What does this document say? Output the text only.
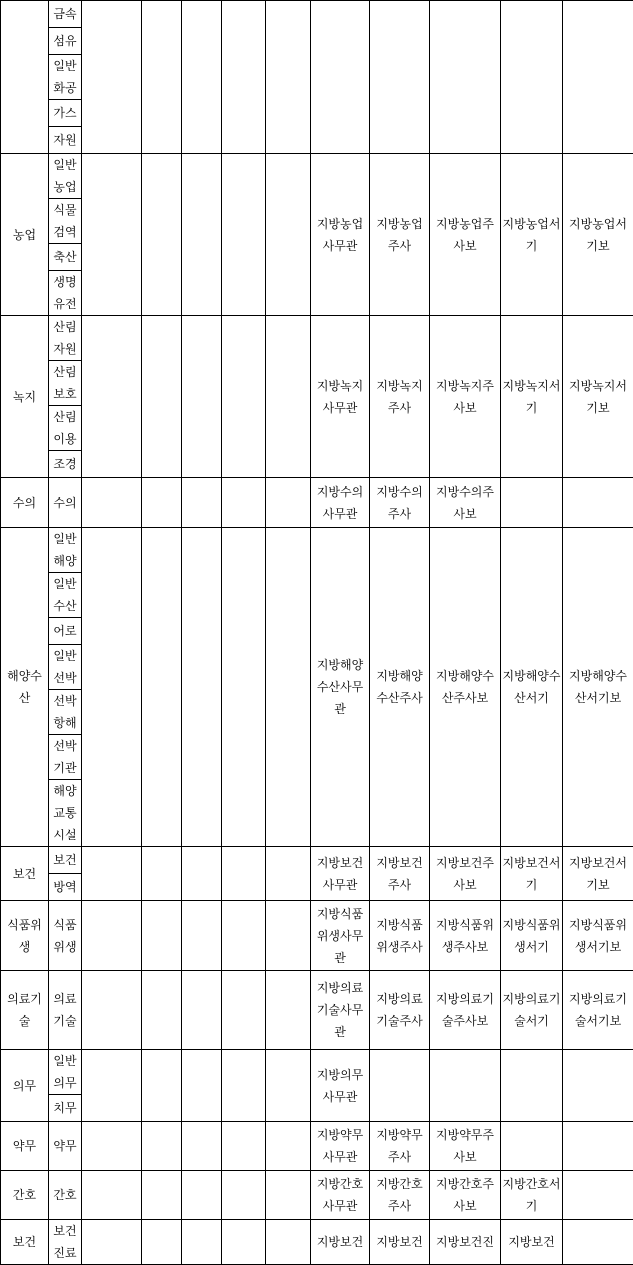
	금속										
	섬유										
	일반화공										
	가스										
	자원										
농업	일반농업						지방농업사무관	지방농업주사	지방농업주사보	지방농업서기	지방농업서기보
	식물검역										
	축산										
	생명유전										
녹지	산림자원						지방녹지사무관	지방녹지주사	지방녹지주사보	지방녹지서기	지방녹지서기보
	산림보호										
	산림이용										
	조경										
수의	수의						지방수의사무관	지방수의주사	지방수의주사보		
해양수산	일반해양						지방해양수산사무관	지방해양수산주사	지방해양수산주사보	지방해양수산서기	지방해양수산서기보
	일반수산										
	어로										
	일반선박										
	선박항해										
	선박기관										
	해양교통시설										
보건	보건						지방보건사무관	지방보건주사	지방보건주사보	지방보건서기	지방보건서기보
	방역										
식품위생	식품위생						지방식품위생사무관	지방식품위생주사	지방식품위생주사보	지방식품위생서기	지방식품위생서기보
의료기술	의료기술						지방의료기술사무관	지방의료기술주사	지방의료기술주사보	지방의료기술서기	지방의료기술서기보
의무	일반의무						지방의무사무관				
	치무										
약무	약무						지방약무사무관	지방약무주사	지방약무주사보		
간호	간호						지방간호사무관	지방간호주사	지방간호주사보	지방간호서기	
보건	보건진료						지방보건	지방보건	지방보건진	지방보건	
